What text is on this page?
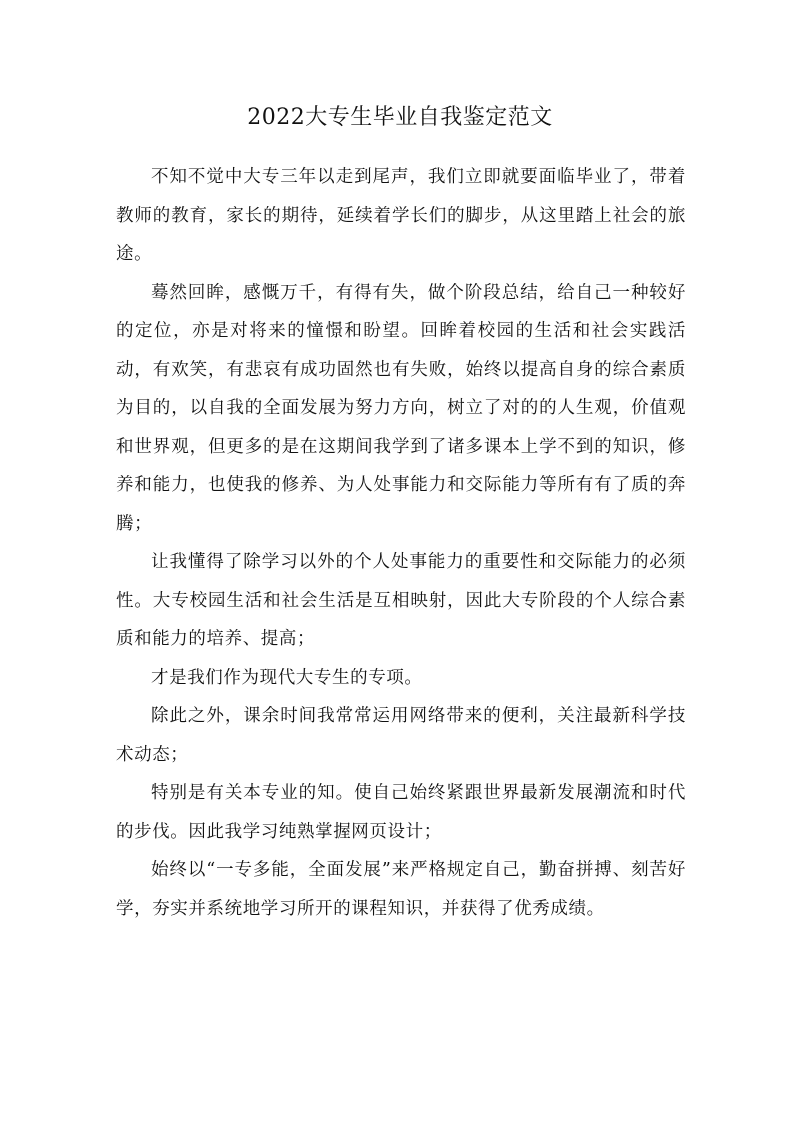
2022大专生毕业自我鉴定范文

不知不觉中大专三年以走到尾声，我们立即就要面临毕业了，带着教师的教育，家长的期待，延续着学长们的脚步，从这里踏上社会的旅途。

蓦然回眸，感慨万千，有得有失，做个阶段总结，给自己一种较好的定位，亦是对将来的憧憬和盼望。回眸着校园的生活和社会实践活动，有欢笑，有悲哀有成功固然也有失败，始终以提高自身的综合素质为目的，以自我的全面发展为努力方向，树立了对的的人生观，价值观和世界观，但更多的是在这期间我学到了诸多课本上学不到的知识，修养和能力，也使我的修养、为人处事能力和交际能力等所有有了质的奔腾；

让我懂得了除学习以外的个人处事能力的重要性和交际能力的必须性。大专校园生活和社会生活是互相映射，因此大专阶段的个人综合素质和能力的培养、提高；

才是我们作为现代大专生的专项。

除此之外，课余时间我常常运用网络带来的便利，关注最新科学技术动态；

特别是有关本专业的知。使自己始终紧跟世界最新发展潮流和时代的步伐。因此我学习纯熟掌握网页设计；

始终以“一专多能，全面发展”来严格规定自己，勤奋拼搏、刻苦好学，夯实并系统地学习所开的课程知识，并获得了优秀成绩。
